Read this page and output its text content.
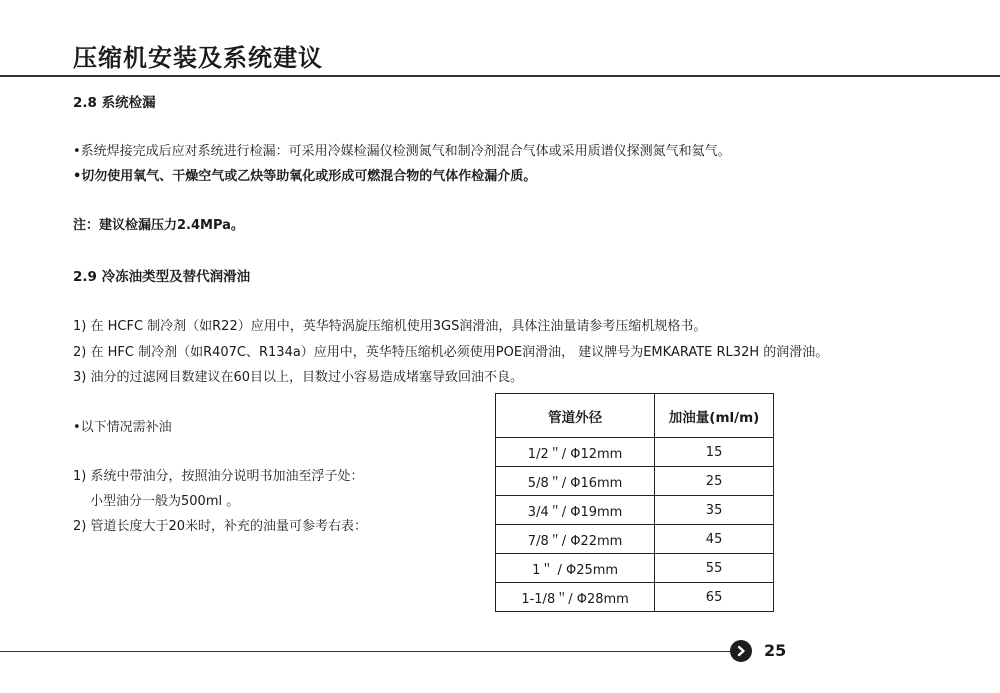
压缩机安装及系统建议
2.8 系统检漏
•系统焊接完成后应对系统进行检漏：可采用冷媒检漏仪检测氮气和制冷剂混合气体或采用质谱仪探测氮气和氦气。
•切勿使用氧气、干燥空气或乙炔等助氧化或形成可燃混合物的气体作检漏介质。
注：建议检漏压力2.4MPa。
2.9 冷冻油类型及替代润滑油
1) 在 HCFC 制冷剂（如R22）应用中，英华特涡旋压缩机使用3GS润滑油，具体注油量请参考压缩机规格书。
2) 在 HFC 制冷剂（如R407C、R134a）应用中，英华特压缩机必须使用POE润滑油， 建议牌号为EMKARATE RL32H 的润滑油。
3) 油分的过滤网目数建议在60目以上，目数过小容易造成堵塞导致回油不良。
•以下情况需补油
1) 系统中带油分，按照油分说明书加油至浮子处：
小型油分一般为500ml 。
2) 管道长度大于20米时，补充的油量可参考右表：
管道外径	加油量(ml/m)
1/2＂/ Φ12mm	15
5/8＂/ Φ16mm	25
3/4＂/ Φ19mm	35
7/8＂/ Φ22mm	45
1＂ / Φ25mm	55
1-1/8＂/ Φ28mm	65
25
